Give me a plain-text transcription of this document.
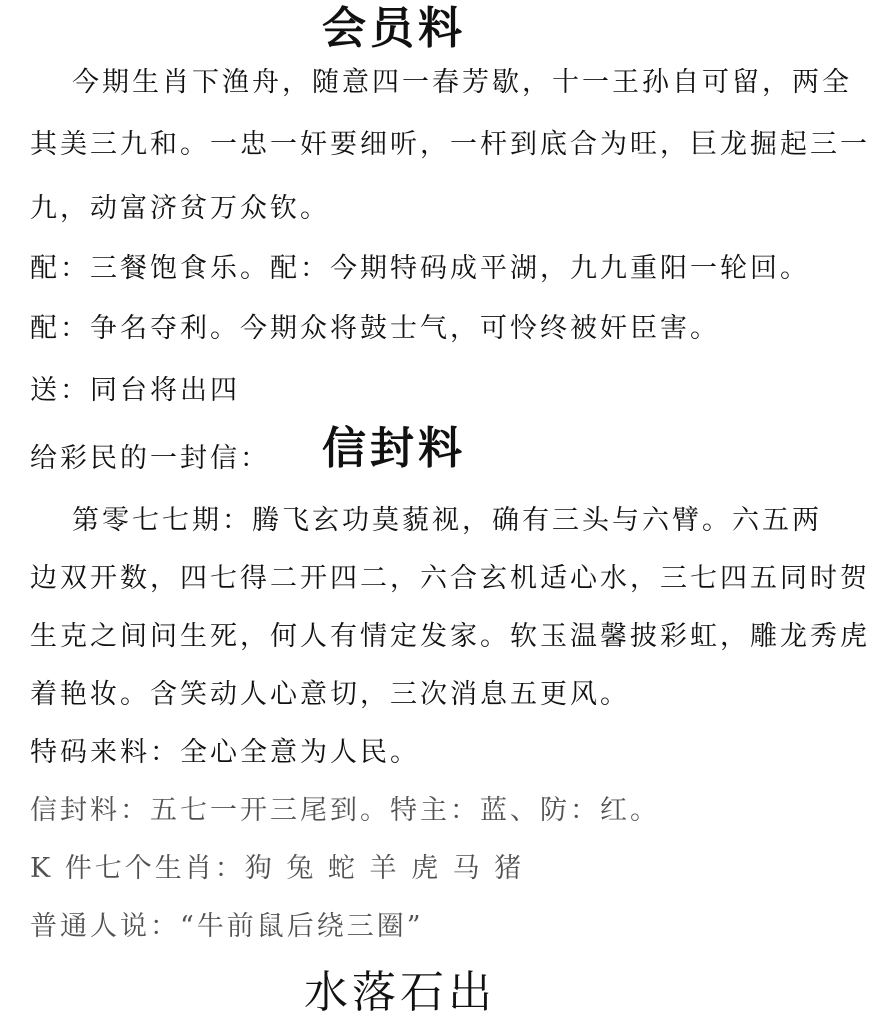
会员料
今期生肖下渔舟，随意四一春芳歇，十一王孙自可留，两全
其美三九和。一忠一奸要细听，一杆到底合为旺，巨龙掘起三一
九，动富济贫万众钦。
配：三餐饱食乐。配：今期特码成平湖，九九重阳一轮回。
配：争名夺利。今期众将鼓士气，可怜终被奸臣害。
送：同台将出四
给彩民的一封信： 信封料
第零七七期：腾飞玄功莫藐视，确有三头与六臂。六五两
边双开数，四七得二开四二，六合玄机适心水，三七四五同时贺
生克之间问生死，何人有情定发家。软玉温馨披彩虹，雕龙秀虎
着艳妆。含笑动人心意切，三次消息五更风。
特码来料：全心全意为人民。
信封料：五七一开三尾到。特主：蓝、防：红。
K 件七个生肖：狗 兔 蛇 羊 虎 马 猪
普通人说：“牛前鼠后绕三圈”
水落石出
